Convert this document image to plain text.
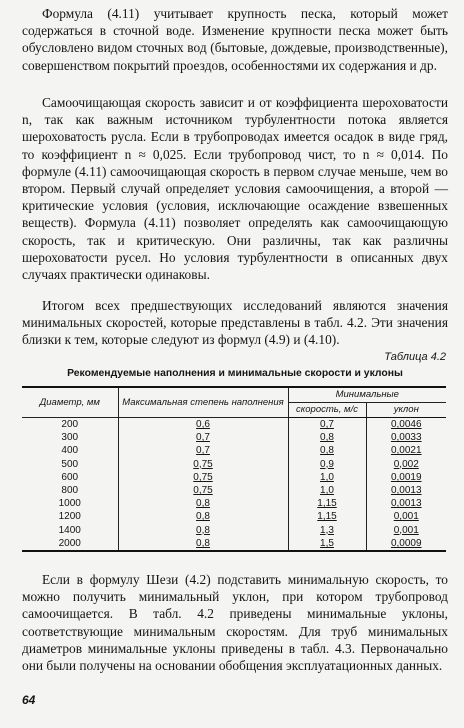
Формула (4.11) учитывает крупность песка, который может содержаться в сточной воде. Изменение крупности песка может быть обусловлено видом сточных вод (бытовые, дождевые, производственные), совершенством покрытий проездов, особенностями их содержания и др.

Самоочищающая скорость зависит и от коэффициента шероховатости n, так как важным источником турбулентности потока является шероховатость русла. Если в трубопроводах имеется осадок в виде гряд, то коэффициент n ≈ 0,025. Если трубопровод чист, то n ≈ 0,014. По формуле (4.11) самоочищающая скорость в первом случае меньше, чем во втором. Первый случай определяет условия самоочищения, а второй — критические условия (условия, исключающие осаждение взвешенных веществ). Формула (4.11) позволяет определять как самоочищающую скорость, так и критическую. Они различны, так как различны шероховатости русел. Но условия турбулентности в описанных двух случаях практически одинаковы.

Итогом всех предшествующих исследований являются значения минимальных скоростей, которые представлены в табл. 4.2. Эти значения близки к тем, которые следуют из формул (4.9) и (4.10).

Таблица 4.2
Рекомендуемые наполнения и минимальные скорости и уклоны
Диаметр, мм	Максимальная степень наполнения	Минимальные	
		скорость, м/с	уклон
200	0,6	0,7	0,0046
300	0,7	0,8	0,0033
400	0,7	0,8	0,0021
500	0,75	0,9	0,002
600	0,75	1,0	0,0019
800	0,75	1,0	0,0013
1000	0,8	1,15	0,0013
1200	0,8	1,15	0,001
1400	0,8	1,3	0,001
2000	0,8	1,5	0,0009

Если в формулу Шези (4.2) подставить минимальную скорость, то можно получить минимальный уклон, при котором трубопровод самоочищается. В табл. 4.2 приведены минимальные уклоны, соответствующие минимальным скоростям. Для труб минимальных диаметров минимальные уклоны приведены в табл. 4.3. Первоначально они были получены на основании обобщения эксплуатационных данных.

64
